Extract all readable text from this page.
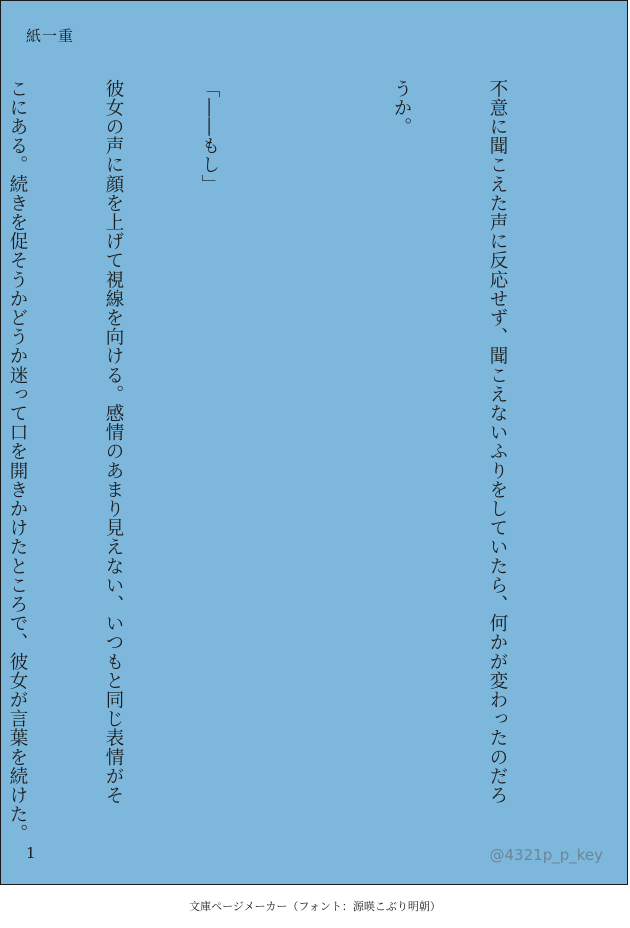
紙一重

不意に聞こえた声に反応せず、聞こえないふりをしていたら、何かが変わったのだろ

うか。

「――もし」

彼女の声に顔を上げて視線を向ける。感情のあまり見えない、いつもと同じ表情がそ

こにある。続きを促そうかどうか迷って口を開きかけたところで、彼女が言葉を続けた。

1	@4321p_p_key
文庫ページメーカー（フォント：源暎こぶり明朝）
